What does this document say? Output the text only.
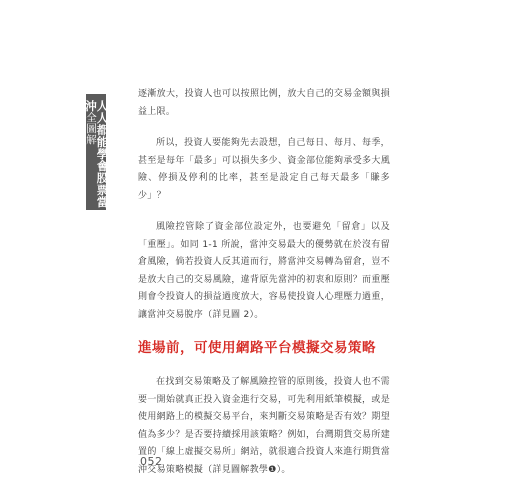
人人都能學會股票當沖全圖解

逐漸放大，投資人也可以按照比例，放大自己的交易金額與損益上限。

所以，投資人要能夠先去設想，自己每日、每月、每季，甚至是每年「最多」可以損失多少、資金部位能夠承受多大風險、停損及停利的比率，甚至是設定自己每天最多「賺多少」？

風險控管除了資金部位設定外，也要避免「留倉」以及「重壓」。如同 1-1 所說，當沖交易最大的優勢就在於沒有留倉風險，倘若投資人反其道而行，將當沖交易轉為留倉，豈不是放大自己的交易風險，違背原先當沖的初衷和原則？而重壓則會令投資人的損益過度放大，容易使投資人心理壓力過重，讓當沖交易脫序（詳見圖 2）。

進場前，可使用網路平台模擬交易策略

在找到交易策略及了解風險控管的原則後，投資人也不需要一開始就真正投入資金進行交易，可先利用紙筆模擬，或是使用網路上的模擬交易平台，來判斷交易策略是否有效？期望值為多少？是否要持續採用該策略？例如，台灣期貨交易所建置的「線上虛擬交易所」網站，就很適合投資人來進行期貨當沖交易策略模擬（詳見圖解教學❶）。

052
